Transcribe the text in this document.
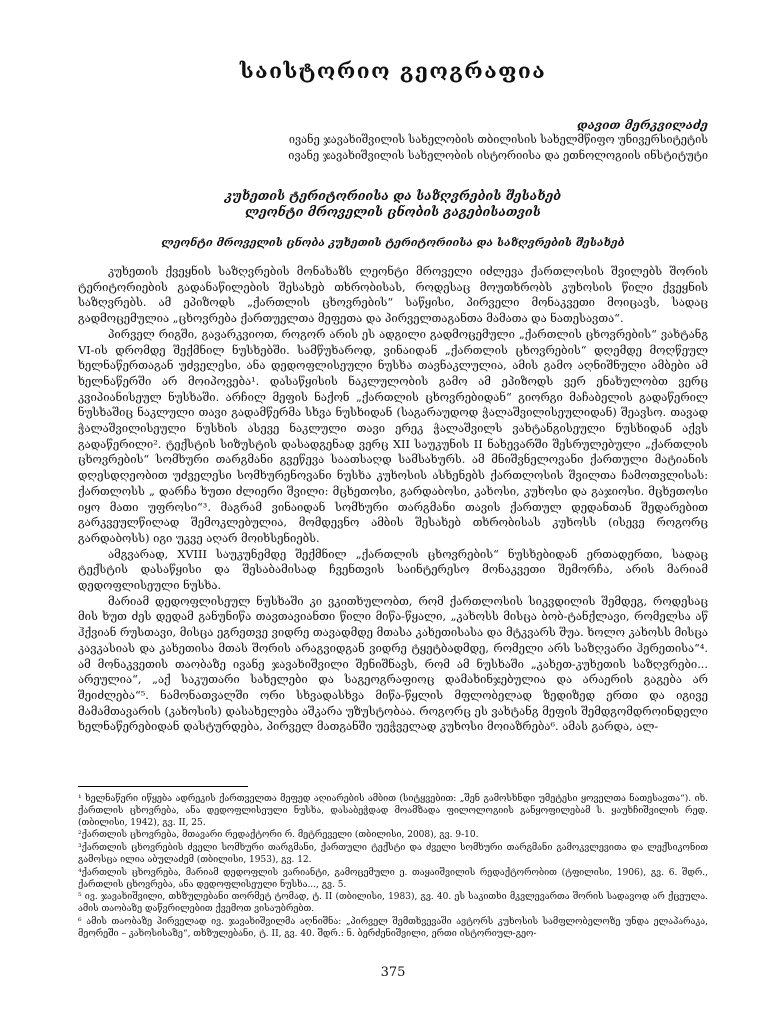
საისტორიო გეოგრაფია
დავით მერკვილაძე
ივანე ჯავახიშვილის სახელობის თბილისის სახელმწიფო უნივერსიტეტის
ივანე ჯავახიშვილის სახელობის ისტორიისა და ეთნოლოგიის ინსტიტუტი
კუხეთის ტერიტორიისა და საზღვრების შესახებ
ლეონტი მროველის ცნობის გაგებისათვის
ლეონტი მროველის ცნობა კუხეთის ტერიტორიისა და საზღვრების შესახებ

კუხეთის ქვეყნის საზღვრების მონახაზს ლეონტი მროველი იძლევა ქართლოსის შვილებს შორის ტერიტორიების გადანაწილების შესახებ თხრობისას, როდესაც მოუთხრობს კუხოსის წილი ქვეყნის საზღვრებს. ამ ეპიზოდს „ქართლის ცხოვრების“ საწყისი, პირველი მონაკვეთი მოიცავს, სადაც გადმოცემულია „ცხოვრება ქართუელთა მეფეთა და პირველთაგანთა მამათა და ნათესავთა“.

პირველ რიგში, გავარკვიოთ, როგორ არის ეს ადგილი გადმოცემული „ქართლის ცხოვრების“ ვახტანგ VI-ის დრომდე შექმნილ ნუსხებში. სამწუხაროდ, ვინაიდან „ქართლის ცხოვრების“ დღემდე მოღწეულ ხელნაწერთაგან უძველესი, ანა დედოფლისეული ნუსხა თავნაკლულია, ამის გამო აღნიშნული ამბები ამ ხელნაწერში არ მოიპოვება¹. დასაწყისის ნაკლულობის გამო ამ ეპიზოდს ვერ ენახულობთ ვერც კვიპიანისეულ ნუსხაში. არჩილ მეფის ნაქონ „ქართლის ცხოვრებიდან“ გიორგი მაჩაბელის გადაწერილ ნუსხაშიც ნაკლული თავი გადამწერმა სხვა ნუსხიდან (საგარაუდოდ ჭალაშვილისეულიდან) შეავსო. თავად ჭალაშვილისეული ნუსხის ასევე ნაკლული თავი ერეკ ჭალაშვილს ვახტანგისეული ნუსხიდან აქვს გადაწერილი². ტექსტის სიზუსტის დასადგენად ვერც XII საუკუნის II ნახევარში შესრულებული „ქართლის ცხოვრების“ სომხური თარგმანი გვეწევა საათსაღდ სამსახურს. ამ მნიშვნელოვანი ქართული მატიანის დღესდღეობით უძველესი სომხურენოვანი ნუსხა კუხოსის ასხენებს ქართლოსის შვილთა ჩამოთვლისას: ქართლოსს „ დარჩა ხუთი ძლიერი შვილი: მცხეთოსი, გარდაბოსი, კახოსი, კუხოსი და გაჯიოსი. მცხეთოსი იყო მათი უფროსი“³. მაგრამ ვინაიდან სომხური თარგმანი თავის ქართულ დედანთან შედარებით გარკვეულწილად შემოკლებულია, მომდევნო ამბის შესახებ თხრობისას კუხოსს (ისევე როგორც გარდაბოსს) იგი უკვე აღარ მოიხსენიებს.

ამგვარად, XVIII საუკუნემდე შექმნილ „ქართლის ცხოვრების“ ნუსხებიდან ერთადერთი, სადაც ტექსტის დასაწყისი და შესაბამისად ჩვენთვის საინტერესო მონაკვეთი შემორჩა, არის მარიამ დედოფლისეული ნუსხა.

მარიამ დედოფლისეულ ნუსხაში კი ვკითხულობთ, რომ ქართლოსის სიკვდილის შემდეგ, როდესაც მის ხუთ ძეს დედამ განუნიწა თავთავიანთი წილი მიწა-წყალი, „კახოსს მისცა ბობ-ტანქლავი, რომელსა აწ ჰქვიან რუსთავი, მისცა ეგრეთვე ვიდრე თავადმდე მთასა კახეთისასა და მტკვარს შუა. ხოლო კახოსს მისცა კავკასიას და კახეთისა მთას შორის არაგვიდგან ვიდრე ტყეტბადმდე, რომელი არს საზღვარი ჰერეთისა“⁴. ამ მონაკვეთის თაობაზე ივანე ჯავახიშვილი შენიშნავს, რომ ამ ნუსხაში „კახეთ-კუხეთის საზღვრები... არეულია“, „აქ საკუთარი სახელები და საგეოგრაფიოც დამახინჯებულია და არაერის გაგება არ შეიძლება“⁵. ნამონათვალში ორი სხვადასხვა მიწა-წყლის მფლობელად ზედიზედ ერთი და იგივე მამამთავარის (კახოსის) დასახელება აშკარა უზუსტობაა. როგორც ეს ვახტანგ მეფის შემდგომდროინდელი ხელნაწერებიდან დასტურდება, პირველ მათგანში უეჭველად კუხოსი მოიაზრება⁶. ამას გარდა, ალ-

¹ ხელნაწერი იწყება ადრეკის ქართველთა მეფედ აღიარების ამბით (სიტყვებით: „შენ გამოსხნდი უმეტესი ყოველთა ნათესავთა“). იხ. ქართლის ცხოვრება, ანა დედოფლისეული ნუსხა, დასაბეჭდად მოამზადა ფილოლოგიის განყოფილებამ ს. ყაუხჩიშვილის რედ. (თბილისი, 1942), გვ. II, 25.

²ქართლის ცხოვრება, მთავარი რედაქტორი რ. მეტრეველი (თბილისი, 2008), გვ. 9-10.

³ქართლის ცხოვრების ძველი სომხური თარგმანი, ქართული ტექსტი და ძველი სომხური თარგმანი გამოკვლევითა და ლექსიკონით გამოსცა ილია აბულაძემ (თბილისი, 1953), გვ. 12.

⁴ქართლის ცხოვრება, მარიამ დედოფლის ვარიანტი, გამოცემული ე. თაყაიშვილის რედაქტორობით (ტფილისი, 1906), გვ. 6. შდრ., ქართლის ცხოვრება, ანა დედოფლისეული ნუსხა..., გვ. 5.

⁵ ივ. ჯავახიშვილი, თხზულებანი თორმეტ ტომად, ტ. II (თბილისი, 1983), გვ. 40. ეს საკითხი მკვლევართა შორის სადავოდ არ ქცეულა. ამის თაობაზე დაწვრილებით ქვემოთ ვისაუბრებთ.

⁶ ამის თაობაზე პირველად ივ. ჯავახიშვილმა აღნიშნა: „პირველ შემთხვევაში ავტორს კუხოსის სამფლობელოზე უნდა ელაპარაკა, მეორეში – კახოსისაზე“, თხზულებანი, ტ. II, გვ. 40. შდრ.: ნ. ბერძენიშვილი, ერთი ისტორიულ-გეო-

375
